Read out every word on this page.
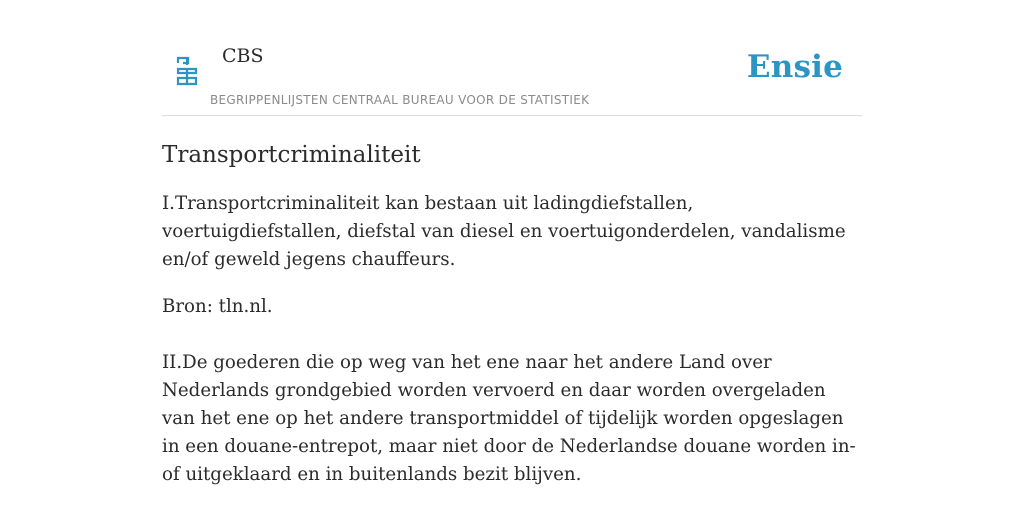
CBS
BEGRIPPENLIJSTEN CENTRAAL BUREAU VOOR DE STATISTIEK
Ensie
Transportcriminaliteit

I.Transportcriminaliteit kan bestaan uit ladingdiefstallen, voertuigdiefstallen, diefstal van diesel en voertuigonderdelen, vandalisme en/of geweld jegens chauffeurs.

Bron: tln.nl.

II.De goederen die op weg van het ene naar het andere Land over Nederlands grondgebied worden vervoerd en daar worden overgeladen van het ene op het andere transportmiddel of tijdelijk worden opgeslagen in een douane-entrepot, maar niet door de Nederlandse douane worden in- of uitgeklaard en in buitenlands bezit blijven.
